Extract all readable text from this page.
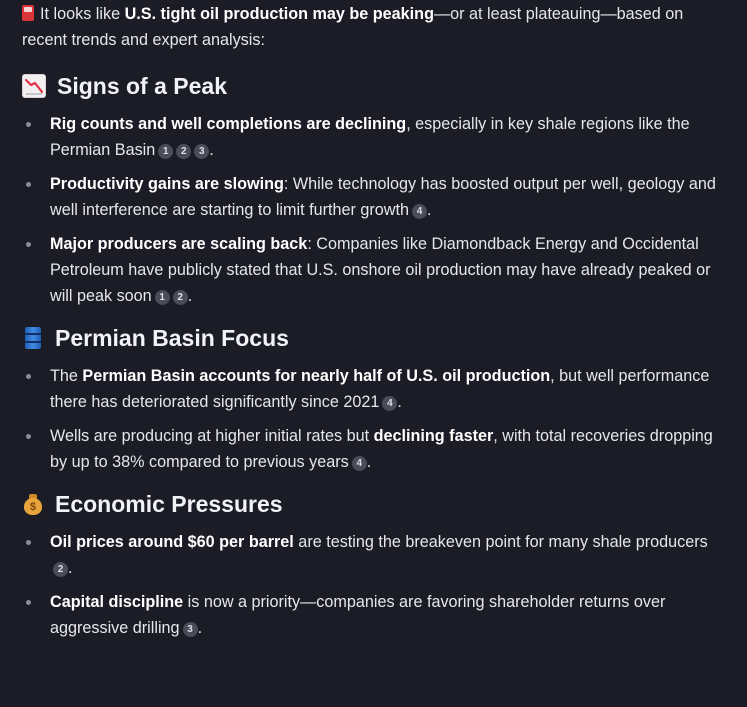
It looks like U.S. tight oil production may be peaking—or at least plateauing—based on recent trends and expert analysis:

Signs of a Peak
Rig counts and well completions are declining, especially in key shale regions like the Permian Basin 1 2 3 .
Productivity gains are slowing: While technology has boosted output per well, geology and well interference are starting to limit further growth 4 .
Major producers are scaling back: Companies like Diamondback Energy and Occidental Petroleum have publicly stated that U.S. onshore oil production may have already peaked or will peak soon 1 2 .
Permian Basin Focus
The Permian Basin accounts for nearly half of U.S. oil production, but well performance there has deteriorated significantly since 2021 4 .
Wells are producing at higher initial rates but declining faster, with total recoveries dropping by up to 38% compared to previous years 4 .
$ Economic Pressures
Oil prices around $60 per barrel are testing the breakeven point for many shale producers2 .
Capital discipline is now a priority—companies are favoring shareholder returns over aggressive drilling 3 .
